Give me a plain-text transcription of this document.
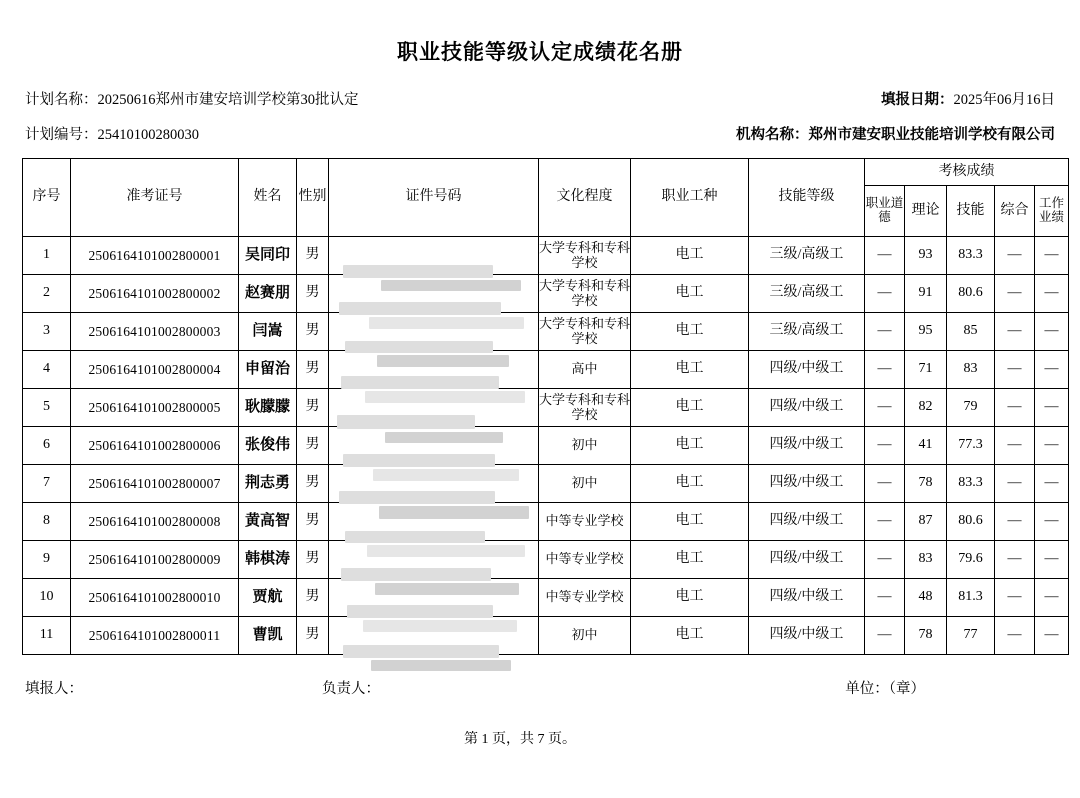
职业技能等级认定成绩花名册
计划名称：20250616郑州市建安培训学校第30批认定	填报日期：2025年06月16日
计划编号：25410100280030	机构名称：郑州市建安职业技能培训学校有限公司
序号	准考证号	姓名	性别	证件号码	文化程度	职业工种	技能等级	考核成绩				
								职业道德	理论	技能	综合	工作业绩
1	2506164101002800001	吴同印	男		大学专科和专科学校	电工	三级/高级工	—	93	83.3	—	—
2	2506164101002800002	赵赛朋	男		大学专科和专科学校	电工	三级/高级工	—	91	80.6	—	—
3	2506164101002800003	闫嵩	男		大学专科和专科学校	电工	三级/高级工	—	95	85	—	—
4	2506164101002800004	申留治	男		高中	电工	四级/中级工	—	71	83	—	—
5	2506164101002800005	耿朦朦	男		大学专科和专科学校	电工	四级/中级工	—	82	79	—	—
6	2506164101002800006	张俊伟	男		初中	电工	四级/中级工	—	41	77.3	—	—
7	2506164101002800007	荆志勇	男		初中	电工	四级/中级工	—	78	83.3	—	—
8	2506164101002800008	黄高智	男		中等专业学校	电工	四级/中级工	—	87	80.6	—	—
9	2506164101002800009	韩棋涛	男		中等专业学校	电工	四级/中级工	—	83	79.6	—	—
10	2506164101002800010	贾航	男		中等专业学校	电工	四级/中级工	—	48	81.3	—	—
11	2506164101002800011	曹凯	男		初中	电工	四级/中级工	—	78	77	—	—
填报人：	负责人：	单位：（章）
第 1 页，共 7 页。
